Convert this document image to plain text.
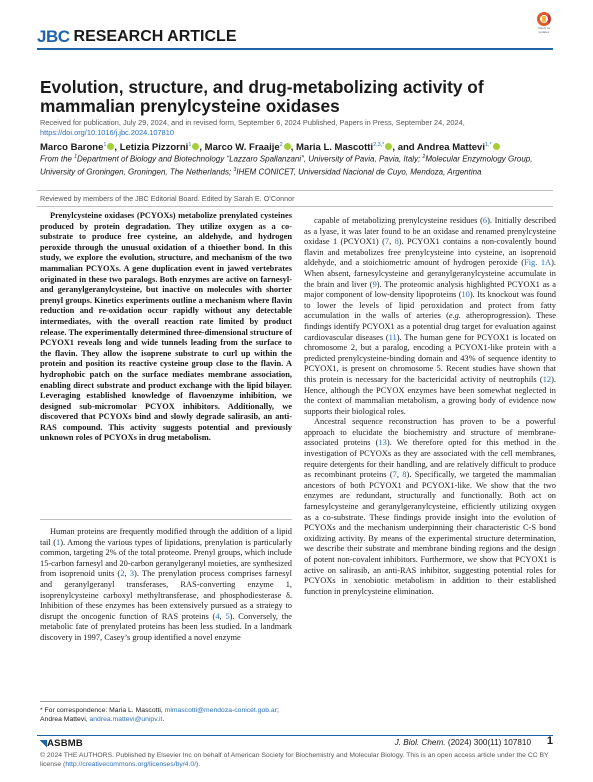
JBC RESEARCH ARTICLE	Check for updates
Evolution, structure, and drug-metabolizing activity of mammalian prenylcysteine oxidases
Received for publication, July 29, 2024, and in revised form, September 6, 2024 Published, Papers in Press, September 24, 2024,
https://doi.org/10.1016/j.jbc.2024.107810
Marco Barone$^1$ , Letizia Pizzorni$^1$ , Marco W. Fraaije$^2$ , Maria L. Mascotti$^{2,3,*}$ , and Andrea Mattevi$^{1,*}$
From the $^1$Department of Biology and Biotechnology “Lazzaro Spallanzani”, University of Pavia, Pavia, Italy; $^2$Molecular Enzymology Group, University of Groningen, Groningen, The Netherlands; $^3$IHEM CONICET, Universidad Nacional de Cuyo, Mendoza, Argentina
Reviewed by members of the JBC Editorial Board. Edited by Sarah E. O’Connor

Prenylcysteine oxidases (PCYOXs) metabolize prenylated cysteines produced by protein degradation. They utilize oxygen as a co-substrate to produce free cysteine, an aldehyde, and hydrogen peroxide through the unusual oxidation of a thioether bond. In this study, we explore the evolution, structure, and mechanism of the two mammalian PCYOXs. A gene duplication event in jawed vertebrates originated in these two paralogs. Both enzymes are active on farnesyl- and geranylgeranylcysteine, but inactive on molecules with shorter prenyl groups. Kinetics experiments outline a mechanism where flavin reduction and re-oxidation occur rapidly without any detectable intermediates, with the overall reaction rate limited by product release. The experimentally determined three-dimensional structure of PCYOX1 reveals long and wide tunnels leading from the surface to the flavin. They allow the isoprene substrate to curl up within the protein and position its reactive cysteine group close to the flavin. A hydrophobic patch on the surface mediates membrane association, enabling direct substrate and product exchange with the lipid bilayer. Leveraging established knowledge of flavoenzyme inhibition, we designed sub-micromolar PCYOX inhibitors. Additionally, we discovered that PCYOXs bind and slowly degrade salirasib, an anti-RAS compound. This activity suggests potential and previously unknown roles of PCYOXs in drug metabolism.

Human proteins are frequently modified through the addition of a lipid tail (1). Among the various types of lipidations, prenylation is particularly common, targeting 2% of the total proteome. Prenyl groups, which include 15-carbon farnesyl and 20-carbon geranylgeranyl moieties, are synthesized from isoprenoid units (2, 3). The prenylation process comprises farnesyl and geranylgeranyl transferases, RAS-converting enzyme 1, isoprenylcysteine carboxyl methyltransferase, and phosphodiesterase δ. Inhibition of these enzymes has been extensively pursued as a strategy to disrupt the oncogenic function of RAS proteins (4, 5). Conversely, the metabolic fate of prenylated proteins has been less studied. In a landmark discovery in 1997, Casey’s group identified a novel enzyme

capable of metabolizing prenylcysteine residues (6). Initially described as a lyase, it was later found to be an oxidase and renamed prenylcysteine oxidase 1 (PCYOX1) (7, 8). PCYOX1 contains a non-covalently bound flavin and metabolizes free prenylcysteine into cysteine, an isoprenoid aldehyde, and a stoichiometric amount of hydrogen peroxide (Fig. 1A). When absent, farnesylcysteine and geranylgeranylcysteine accumulate in the brain and liver (9). The proteomic analysis highlighted PCYOX1 as a major component of low-density lipoproteins (10). Its knockout was found to lower the levels of lipid peroxidation and protect from fatty accumulation in the walls of arteries (e.g. atheroprogression). These findings identify PCYOX1 as a potential drug target for evaluation against cardiovascular diseases (11). The human gene for PCYOX1 is located on chromosome 2, but a paralog, encoding a PCYOX1-like protein with a predicted prenylcysteine-binding domain and 43% of sequence identity to PCYOX1, is present on chromosome 5. Recent studies have shown that this protein is necessary for the bactericidal activity of neutrophils (12). Hence, although the PCYOX enzymes have been somewhat neglected in the context of mammalian metabolism, a growing body of evidence now supports their biological roles.

Ancestral sequence reconstruction has proven to be a powerful approach to elucidate the biochemistry and structure of membrane-associated proteins (13). We therefore opted for this method in the investigation of PCYOXs as they are associated with the cell membranes, require detergents for their handling, and are relatively difficult to produce as recombinant proteins (7, 8). Specifically, we targeted the mammalian ancestors of both PCYOX1 and PCYOX1-like. We show that the two enzymes are redundant, structurally and functionally. Both act on farnesylcysteine and geranylgeranylcysteine, efficiently utilizing oxygen as a co-substrate. These findings provide insight into the evolution of PCYOXs and the mechanism underpinning their characteristic C-S bond oxidizing activity. By means of the experimental structure determination, we describe their substrate and membrane binding regions and the design of potent non-covalent inhibitors. Furthermore, we show that PCYOX1 is active on salirasib, an anti-RAS inhibitor, suggesting potential roles for PCYOXs in xenobiotic metabolism in addition to their established function in prenylcysteine elimination.

* For correspondence: Maria L. Mascotti, mlmascotti@mendoza-conicet.gob.ar; Andrea Mattevi, andrea.mattevi@unipv.it.
◥ASBMB	J. Biol. Chem. (2024) 300(11) 107810 1
© 2024 THE AUTHORS. Published by Elsevier Inc on behalf of American Society for Biochemistry and Molecular Biology. This is an open access article under the CC BY license (http://creativecommons.org/licenses/by/4.0/).
